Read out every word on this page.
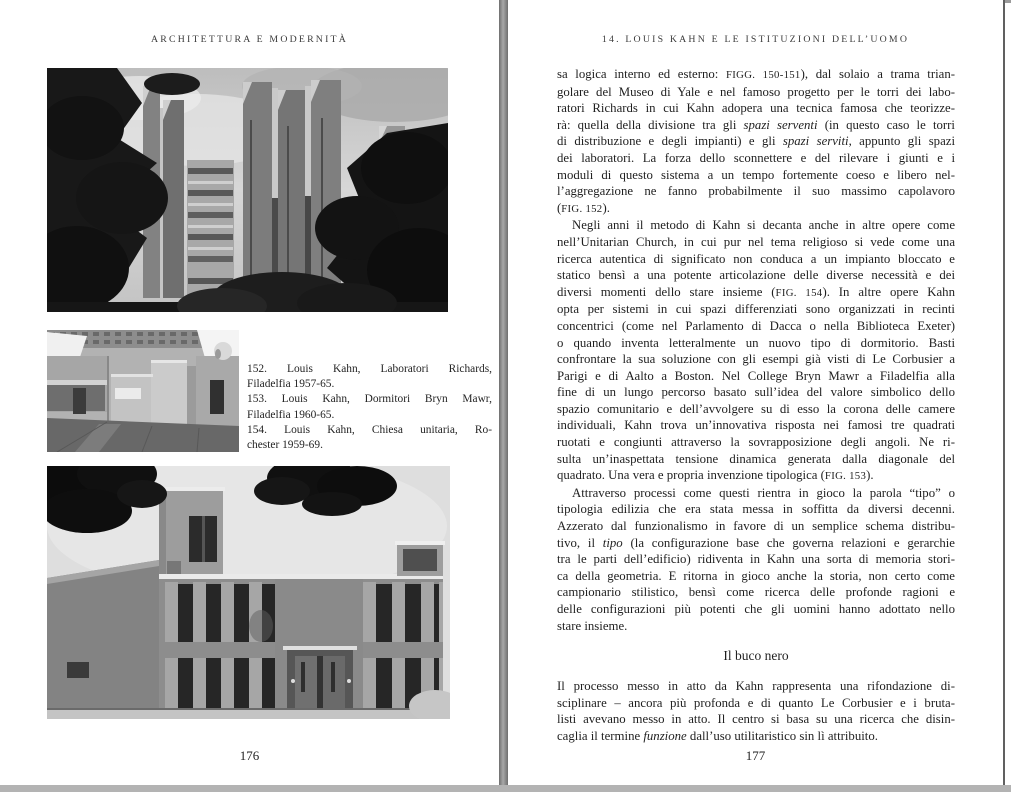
ARCHITETTURA E MODERNITÀ
152. Louis Kahn, Laboratori Richards,
Filadelfia 1957-65.
153. Louis Kahn, Dormitori Bryn Mawr,
Filadelfia 1960-65.
154. Louis Kahn, Chiesa unitaria, Ro-
chester 1959-69.
176
14. LOUIS KAHN E LE ISTITUZIONI DELL’UOMO
sa logica interno ed esterno: FIGG. 150-151), dal solaio a trama trian-
golare del Museo di Yale e nel famoso progetto per le torri dei labo-
ratori Richards in cui Kahn adopera una tecnica famosa che teorizze-
rà: quella della divisione tra gli spazi serventi (in questo caso le torri
di distribuzione e degli impianti) e gli spazi serviti, appunto gli spazi
dei laboratori. La forza dello sconnettere e del rilevare i giunti e i
moduli di questo sistema a un tempo fortemente coeso e libero nel-
l’aggregazione ne fanno probabilmente il suo massimo capolavoro
(FIG. 152).
Negli anni il metodo di Kahn si decanta anche in altre opere come
nell’Unitarian Church, in cui pur nel tema religioso si vede come una
ricerca autentica di significato non conduca a un impianto bloccato e
statico bensì a una potente articolazione delle diverse necessità e dei
diversi momenti dello stare insieme (FIG. 154). In altre opere Kahn
opta per sistemi in cui spazi differenziati sono organizzati in recinti
concentrici (come nel Parlamento di Dacca o nella Biblioteca Exeter)
o quando inventa letteralmente un nuovo tipo di dormitorio. Basti
confrontare la sua soluzione con gli esempi già visti di Le Corbusier a
Parigi e di Aalto a Boston. Nel College Bryn Mawr a Filadelfia alla
fine di un lungo percorso basato sull’idea del valore simbolico dello
spazio comunitario e dell’avvolgere su di esso la corona delle camere
individuali, Kahn trova un’innovativa risposta nei famosi tre quadrati
ruotati e congiunti attraverso la sovrapposizione degli angoli. Ne ri-
sulta un’inaspettata tensione dinamica generata dalla diagonale del
quadrato. Una vera e propria invenzione tipologica (FIG. 153).
Attraverso processi come questi rientra in gioco la parola “tipo” o
tipologia edilizia che era stata messa in soffitta da diversi decenni.
Azzerato dal funzionalismo in favore di un semplice schema distribu-
tivo, il tipo (la configurazione base che governa relazioni e gerarchie
tra le parti dell’edificio) ridiventa in Kahn una sorta di memoria stori-
ca della geometria. E ritorna in gioco anche la storia, non certo come
campionario stilistico, bensì come ricerca delle profonde ragioni e
delle configurazioni più potenti che gli uomini hanno adottato nello
stare insieme.
Il buco nero
Il processo messo in atto da Kahn rappresenta una rifondazione di-
sciplinare – ancora più profonda e di quanto Le Corbusier e i bruta-
listi avevano messo in atto. Il centro si basa su una ricerca che disin-
caglia il termine funzione dall’uso utilitaristico sin lì attribuito.
177
